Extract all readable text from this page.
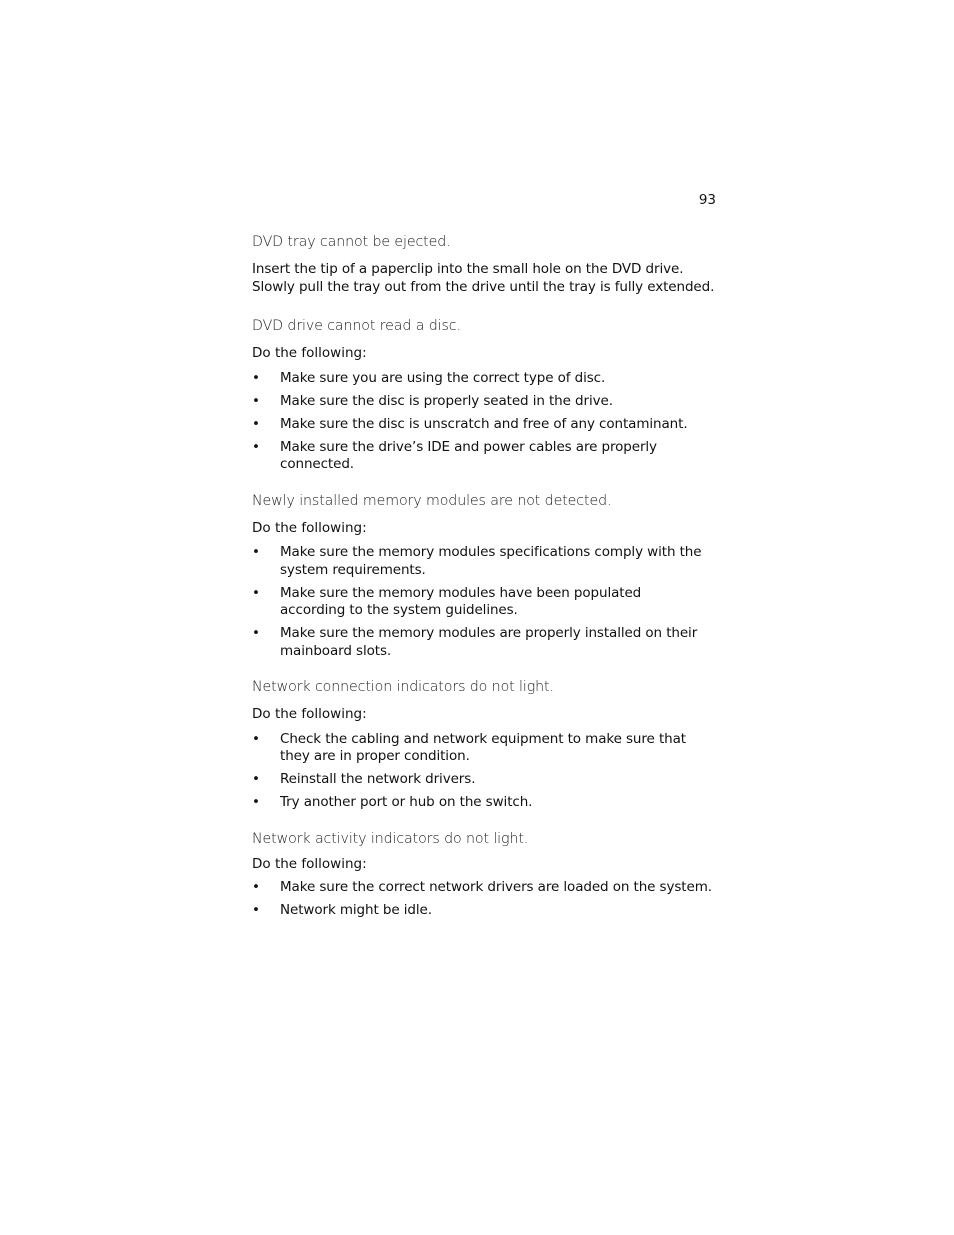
93
DVD tray cannot be ejected.

Insert the tip of a paperclip into the small hole on the DVD drive.
Slowly pull the tray out from the drive until the tray is fully extended.

DVD drive cannot read a disc.

Do the following:

•	Make sure you are using the correct type of disc.
•	Make sure the disc is properly seated in the drive.
•	Make sure the disc is unscratch and free of any contaminant.
•	Make sure the drive’s IDE and power cables are properly connected.
Newly installed memory modules are not detected.

Do the following:

•	Make sure the memory modules specifications comply with the system requirements.
•	Make sure the memory modules have been populated according to the system guidelines.
•	Make sure the memory modules are properly installed on their mainboard slots.
Network connection indicators do not light.

Do the following:

•	Check the cabling and network equipment to make sure that they are in proper condition.
•	Reinstall the network drivers.
•	Try another port or hub on the switch.
Network activity indicators do not light.

Do the following:

•	Make sure the correct network drivers are loaded on the system.
•	Network might be idle.
